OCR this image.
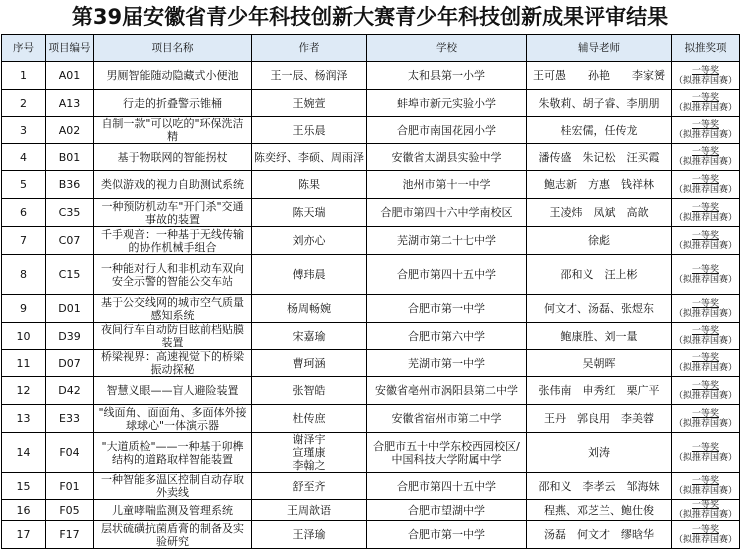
第39届安徽省青少年科技创新大赛青少年科技创新成果评审结果
序号	项目编号	项目名称	作者	学校	辅导老师	拟推奖项
1	A01	男厕智能随动隐藏式小便池	王一辰、杨润泽	太和县第一小学	王可愚　　孙艳　　李家赟	一等奖
（拟推荐国赛）

2	A13	行走的折叠警示锥桶	王婉萱	蚌埠市新元实验小学	朱敬莉、胡子睿、李朋朋	一等奖
（拟推荐国赛）

3	A02	自制一款"可以吃的"环保洗洁精	王乐晨	合肥市南国花园小学	桂宏儒，任传龙	一等奖
（拟推荐国赛）

4	B01	基于物联网的智能拐杖	陈奕纾、李硕、周雨泽	安徽省太湖县实验中学	潘传盛　朱记松　汪买霞	一等奖
（拟推荐国赛）

5	B36	类似游戏的视力自助测试系统	陈果	池州市第十一中学	鲍志新　方惠　钱祥林	一等奖
（拟推荐国赛）

6	C35	一种预防机动车"开门杀"交通事故的装置	陈天瑞	合肥市第四十六中学南校区	王凌炜　凤斌　高歆	一等奖
（拟推荐国赛）

7	C07	千手观音：一种基于无线传输的协作机械手组合	刘亦心	芜湖市第二十七中学	徐彪	一等奖
（拟推荐国赛）

8	C15	一种能对行人和非机动车双向安全示警的智能公交车站	傅玮晨	合肥市第四十五中学	邵和义　汪上彬	一等奖
（拟推荐国赛）

9	D01	基于公交线网的城市空气质量感知系统	杨周畅婉	合肥市第一中学	何文才、汤磊、张煜东	一等奖
（拟推荐国赛）

10	D39	夜间行车自动防目眩前档贴膜装置	宋嘉瑜	合肥市第六中学	鲍康胜、刘一量	一等奖
（拟推荐国赛）

11	D07	桥梁视界：高速视觉下的桥梁振动探秘	曹珂涵	芜湖市第一中学	吴朝晖	一等奖
（拟推荐国赛）

12	D42	智慧义眼——盲人避险装置	张智皓	安徽省亳州市涡阳县第二中学	张伟南　申秀红　栗广平	一等奖
（拟推荐国赛）

13	E33	"线面角、面面角、多面体外接球球心"一体演示器	杜传庶	安徽省宿州市第二中学	王丹　郭良用　李美蓉	一等奖
（拟推荐国赛）

14	F04	"大道质检"——一种基于卯榫结构的道路取样智能装置	谢泽宇
宣瑾康
李翰之	合肥市五十中学东校西园校区/中国科技大学附属中学	刘涛	一等奖
（拟推荐国赛）

15	F01	一种智能多温区控制自动存取外卖线	舒至齐	合肥市第四十五中学	邵和义　李孝云　邹海妹	一等奖
（拟推荐国赛）

16	F05	儿童哮喘监测及管理系统	王周歆语	合肥市望湖中学	程燕、邓芝兰、鲍仕俊	一等奖
（拟推荐国赛）

17	F17	层状硫磺抗菌盾膏的制备及实验研究	王泽瑜	合肥市第一中学	汤磊　何文才　缪晗华	一等奖
（拟推荐国赛）
